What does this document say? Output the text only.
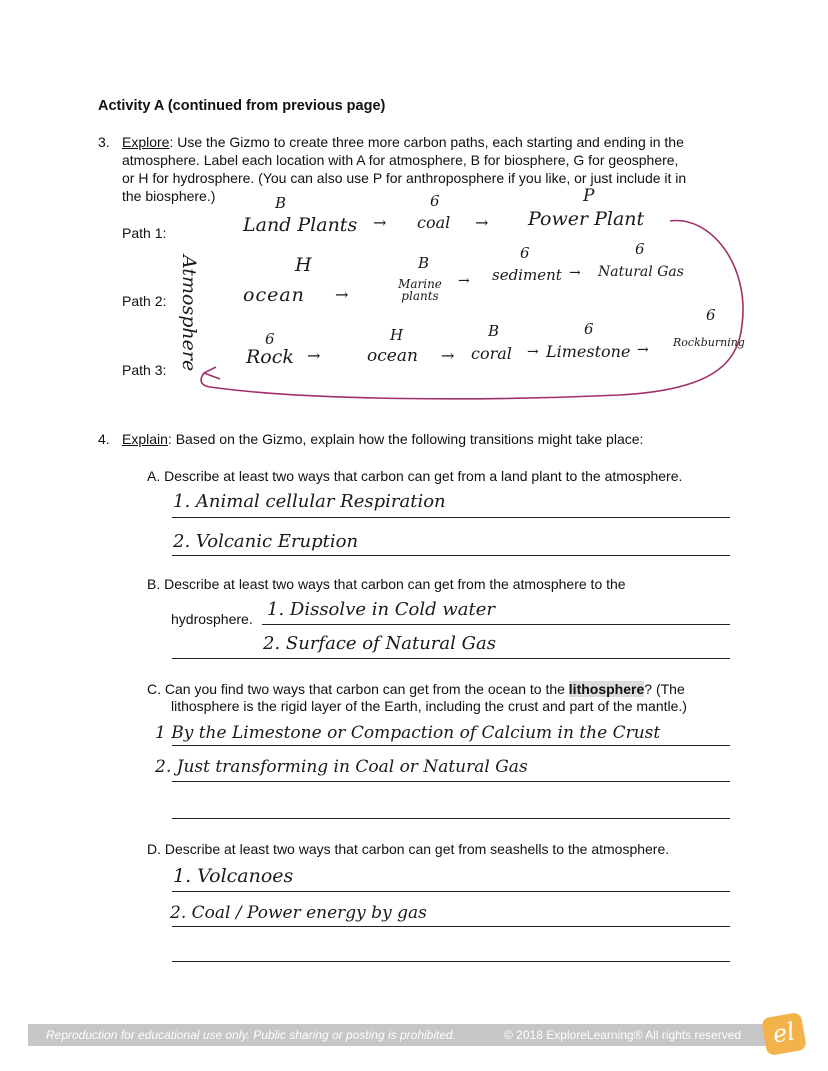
Activity A (continued from previous page)
3. Explore: Use the Gizmo to create three more carbon paths, each starting and ending in the
atmosphere. Label each location with A for atmosphere, B for biosphere, G for geosphere,
or H for hydrosphere. (You can also use P for anthroposphere if you like, or just include it in
the biosphere.)
Path 1:
Path 2:
Path 3: Atmosphere
B	6	P
Land Plants → coal → Power Plant
H	B
6	6
ocean →
Marine plants
→ sediment → Natural Gas
6	H	B	6
6
Rock →	ocean → coral → Limestone → Rockburning
4. Explain: Based on the Gizmo, explain how the following transitions might take place:
A. Describe at least two ways that carbon can get from a land plant to the atmosphere.
1. Animal cellular Respiration
2. Volcanic Eruption
B. Describe at least two ways that carbon can get from the atmosphere to the
hydrosphere. 1. Dissolve in Cold water
2. Surface of Natural Gas
C. Can you find two ways that carbon can get from the ocean to the lithosphere? (The
lithosphere is the rigid layer of the Earth, including the crust and part of the mantle.)
1 By the Limestone or Compaction of Calcium in the Crust
2. Just transforming in Coal or Natural Gas
D. Describe at least two ways that carbon can get from seashells to the atmosphere.
1. Volcanoes
2. Coal / Power energy by gas
Reproduction for educational use only. Public sharing or posting is prohibited.	© 2018 ExploreLearning® All rights reserved	el
